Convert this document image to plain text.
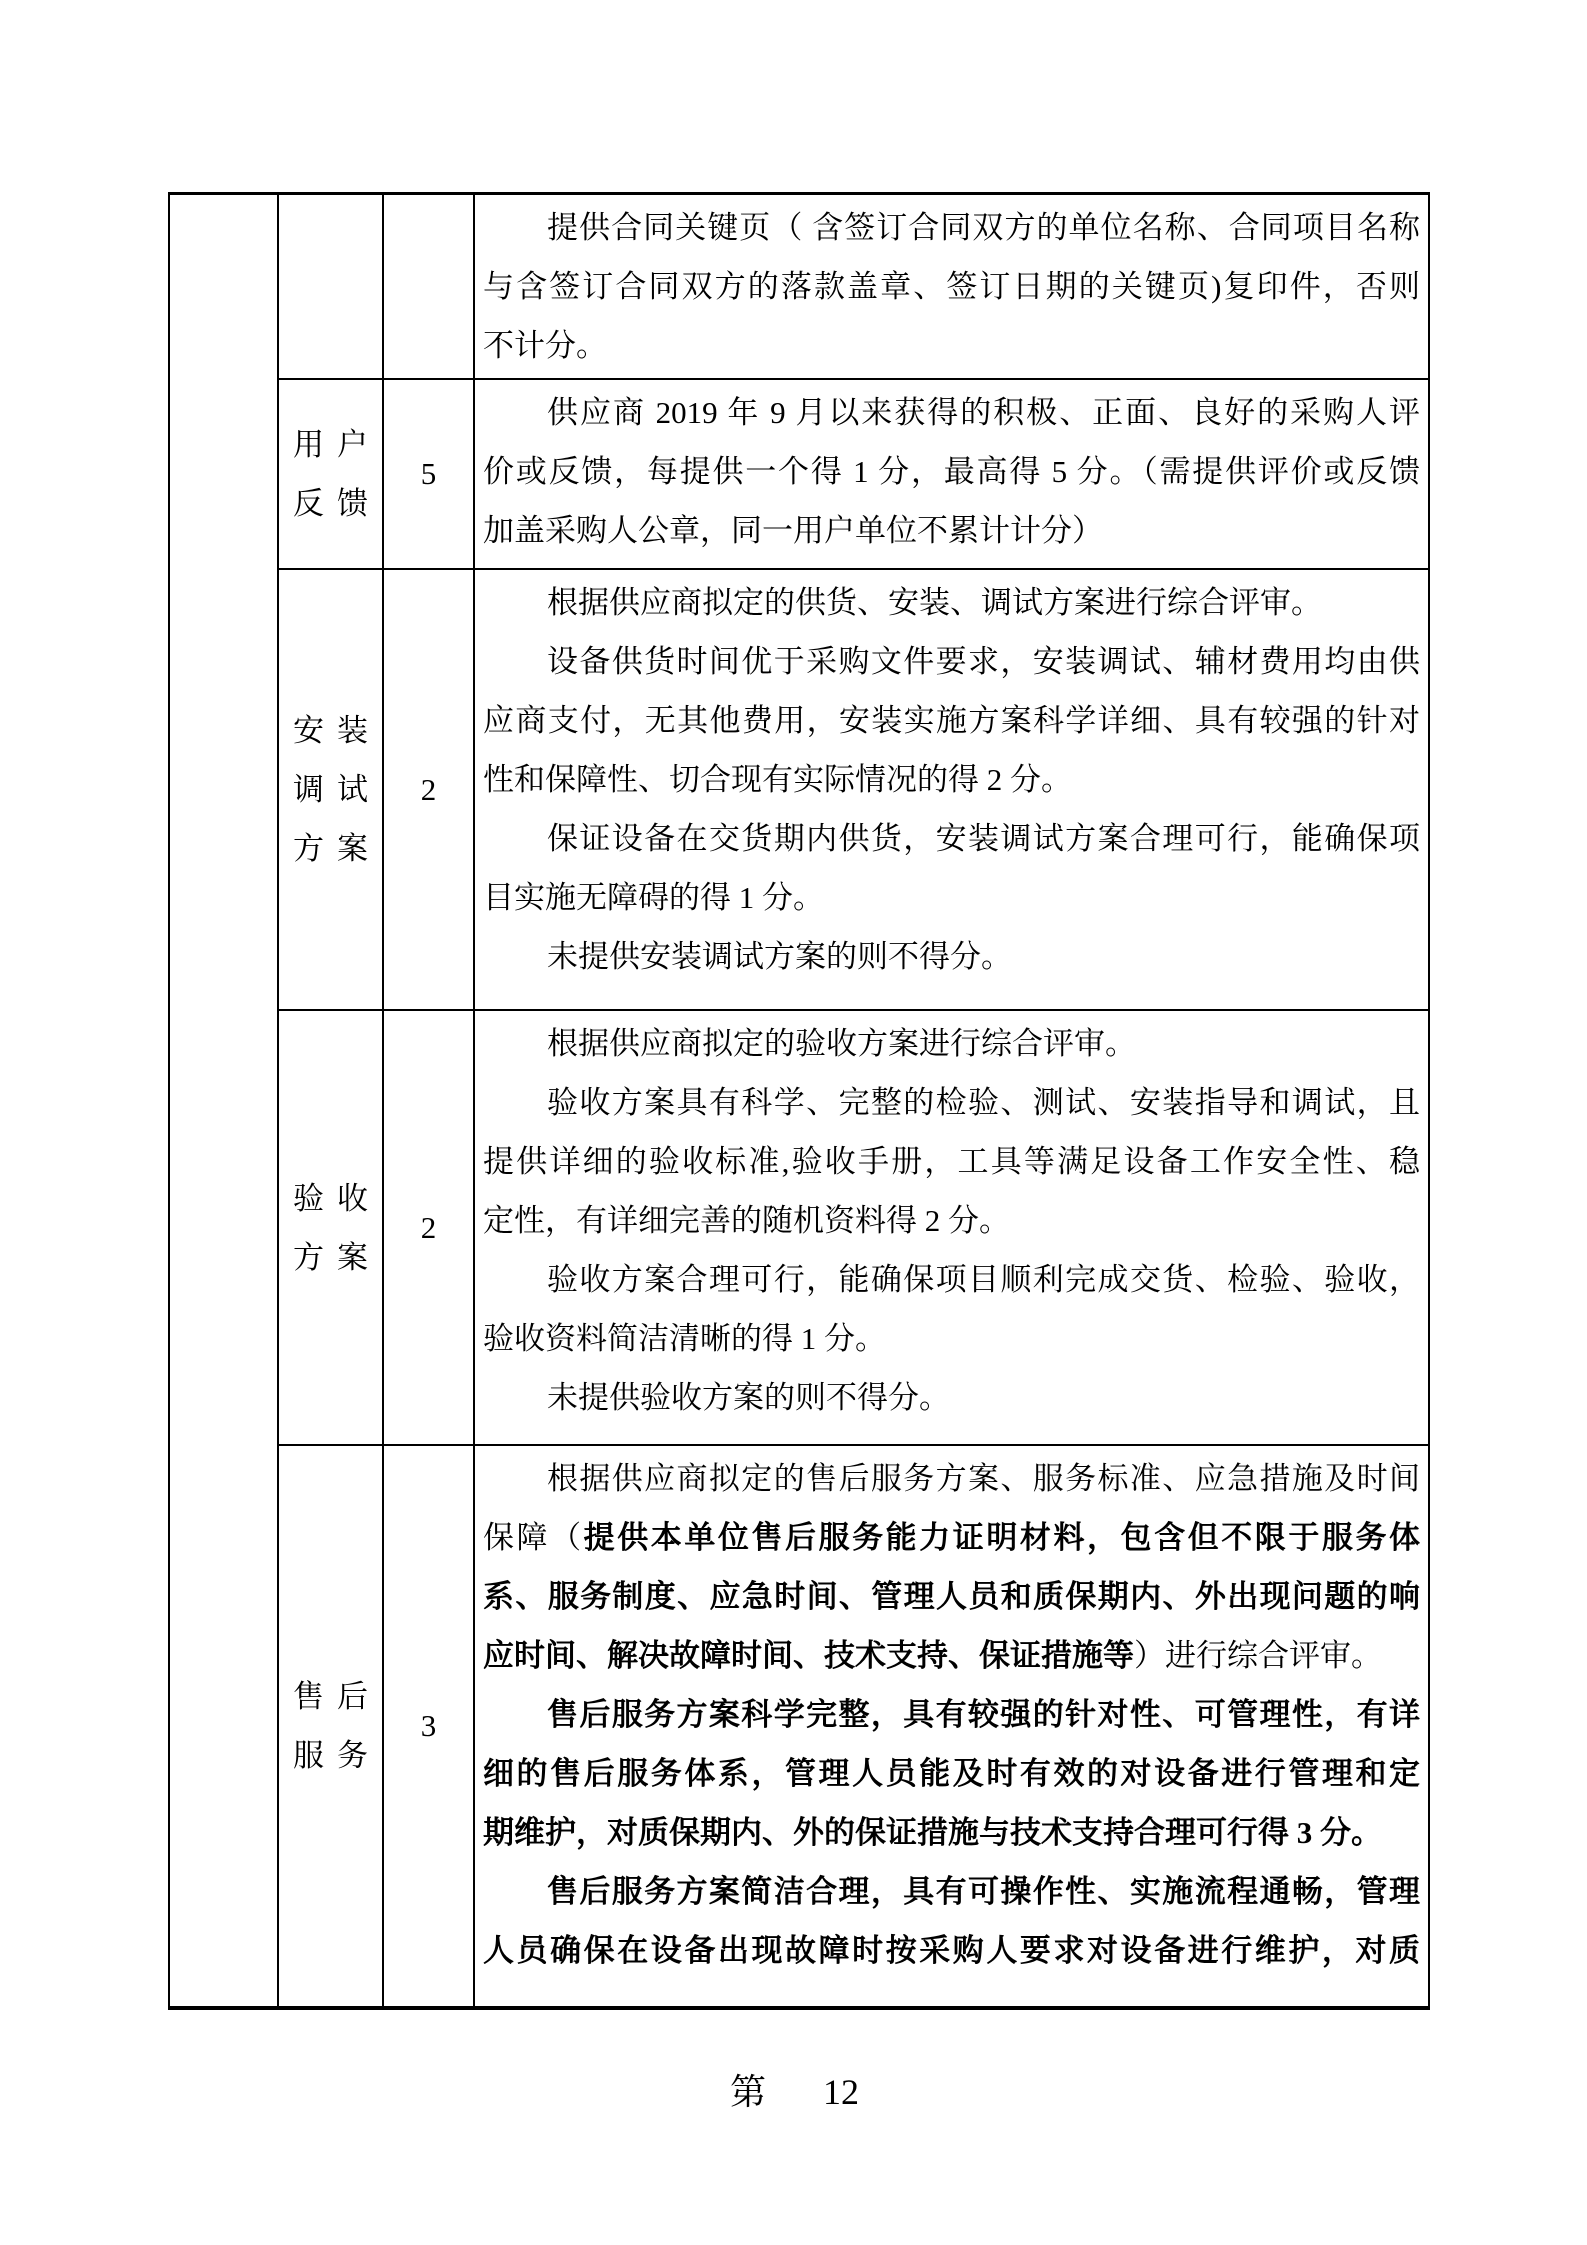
提供合同关键页（ 含签订合同双方的单位名称、合同项目名称
与含签订合同双方的落款盖章、签订日期的关键页)复印件，否则
不计分。
用 户
反 馈
5
供应商 2019 年 9 月以来获得的积极、正面、良好的采购人评
价或反馈，每提供一个得 1 分，最高得 5 分。（需提供评价或反馈
加盖采购人公章，同一用户单位不累计计分）
安 装
调 试
方 案
2
根据供应商拟定的供货、安装、调试方案进行综合评审。
设备供货时间优于采购文件要求，安装调试、辅材费用均由供
应商支付，无其他费用，安装实施方案科学详细、具有较强的针对
性和保障性、切合现有实际情况的得 2 分。
保证设备在交货期内供货，安装调试方案合理可行，能确保项
目实施无障碍的得 1 分。
未提供安装调试方案的则不得分。
验 收
方 案
2
根据供应商拟定的验收方案进行综合评审。
验收方案具有科学、完整的检验、测试、安装指导和调试，且
提供详细的验收标准,验收手册，工具等满足设备工作安全性、稳
定性，有详细完善的随机资料得 2 分。
验收方案合理可行，能确保项目顺利完成交货、检验、验收，
验收资料简洁清晰的得 1 分。
未提供验收方案的则不得分。
售 后
服 务
3
根据供应商拟定的售后服务方案、服务标准、应急措施及时间
保障（提供本单位售后服务能力证明材料，包含但不限于服务体
系、服务制度、应急时间、管理人员和质保期内、外出现问题的响
应时间、解决故障时间、技术支持、保证措施等）进行综合评审。
售后服务方案科学完整，具有较强的针对性、可管理性，有详
细的售后服务体系，管理人员能及时有效的对设备进行管理和定
期维护，对质保期内、外的保证措施与技术支持合理可行得 3 分。
售后服务方案简洁合理，具有可操作性、实施流程通畅，管理
人员确保在设备出现故障时按采购人要求对设备进行维护，对质
第 12
